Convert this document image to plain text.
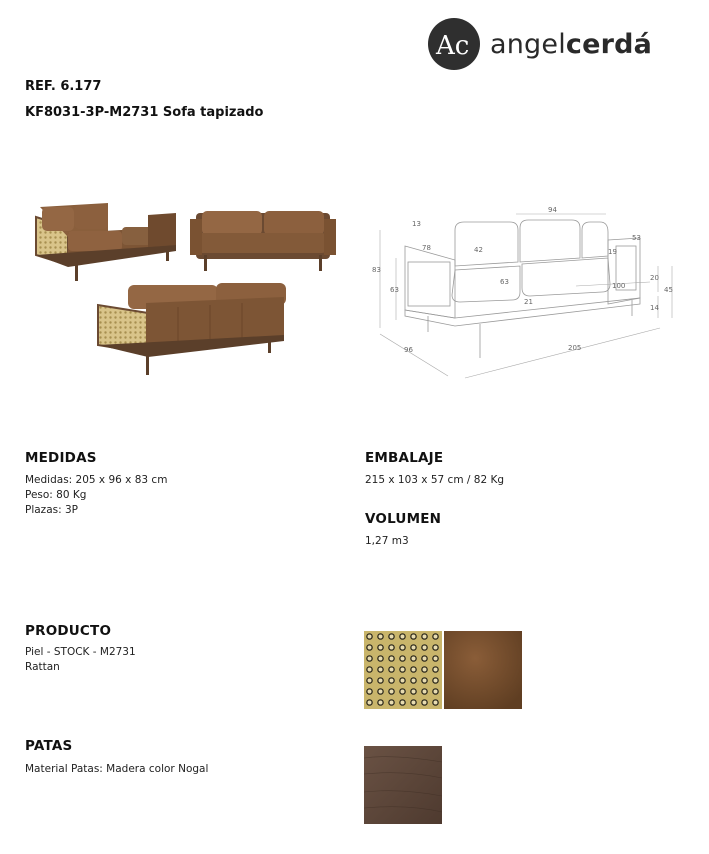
Ac angelcerdá
REF. 6.177
KF8031-3P-M2731 Sofa tapizado
94
13
78	42
63
21
83
63	100
53
19
20
14
45
96	205
MEDIDAS
Medidas: 205 x 96 x 83 cm
Peso: 80 Kg
Plazas: 3P
EMBALAJE
215 x 103 x 57 cm / 82 Kg
VOLUMEN
1,27 m3
PRODUCTO
Piel - STOCK - M2731
Rattan
PATAS
Material Patas: Madera color Nogal
